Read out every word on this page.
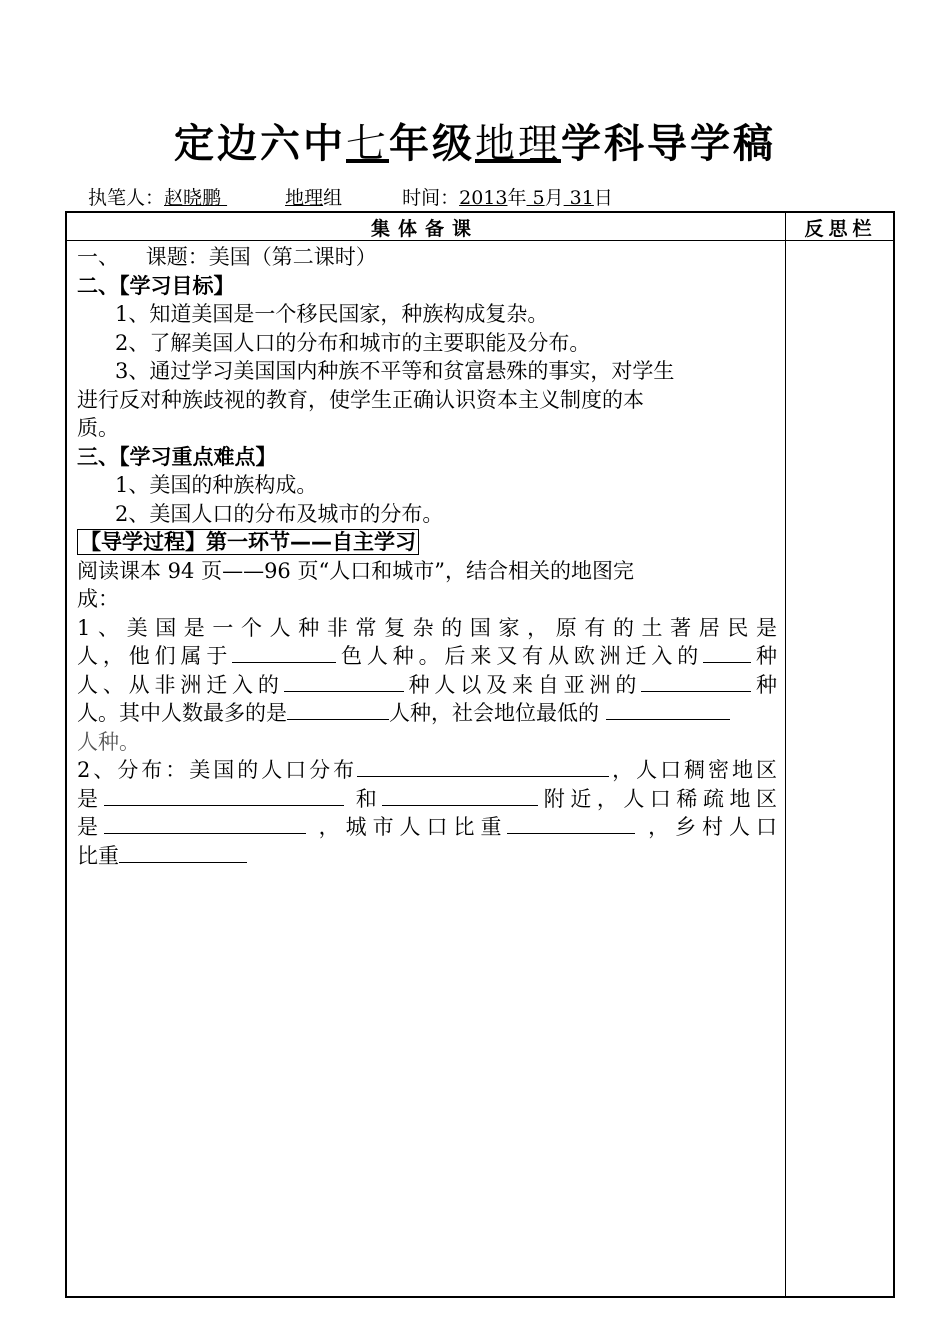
定边六中七年级地理学科导学稿
执笔人：赵晓鹏	地理组	时间：2013年 5月 31日
集体备课	反思栏

一、    课题：美国（第二课时）

二、【学习目标】

1、知道美国是一个移民国家，种族构成复杂。

2、了解美国人口的分布和城市的主要职能及分布。

3、通过学习美国国内种族不平等和贫富悬殊的事实，对学生

进行反对种族歧视的教育，使学生正确认识资本主义制度的本

质。

三、【学习重点难点】

1、美国的种族构成。

2、美国人口的分布及城市的分布。

【导学过程】第一环节——自主学习

阅读课本 94 页——96 页“人口和城市”，结合相关的地图完

成：

1、美国是一个人种非常复杂的国家，原有的土著居民是

人，他们属于	色人种。后来又有从欧洲迁入的 种

人、从非洲迁入的	种人以及来自亚洲的	种

人。其中人数最多的是	人种，社会地位最低的

人种。

2、分布：美国的人口分布	，人口稠密地区

是	和	附近，人口稀疏地区

是	，城市人口比重	，乡村人口

比重
